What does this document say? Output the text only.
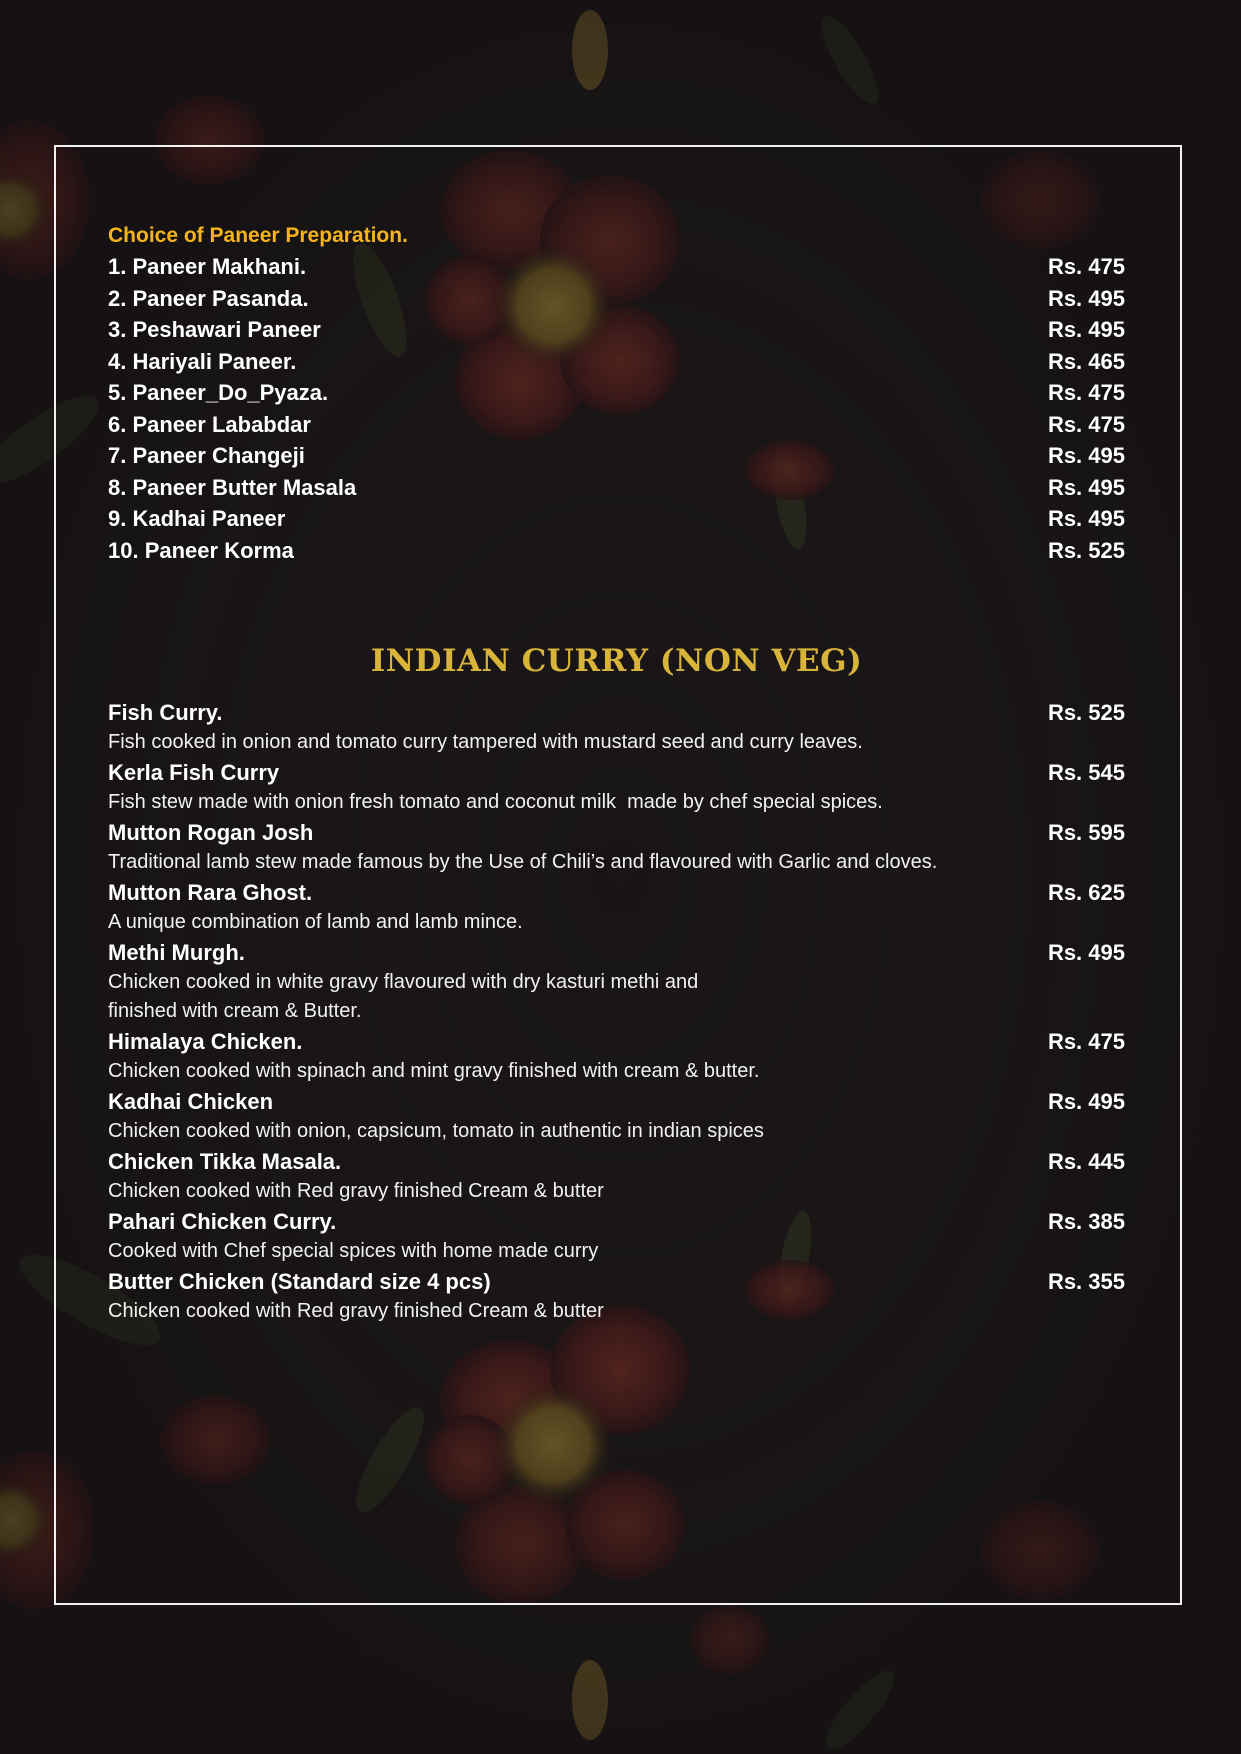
Choice of Paneer Preparation.
1. Paneer Makhani.	Rs. 475
2. Paneer Pasanda.	Rs. 495
3. Peshawari Paneer	Rs. 495
4. Hariyali Paneer.	Rs. 465
5. Paneer_Do_Pyaza.	Rs. 475
6. Paneer Lababdar	Rs. 475
7. Paneer Changeji	Rs. 495
8. Paneer Butter Masala	Rs. 495
9. Kadhai Paneer	Rs. 495
10. Paneer Korma	Rs. 525
INDIAN CURRY (NON VEG)
Fish Curry.	Rs. 525
Fish cooked in onion and tomato curry tampered with mustard seed and curry leaves.
Kerla Fish Curry	Rs. 545
Fish stew made with onion fresh tomato and coconut milk  made by chef special spices.
Mutton Rogan Josh	Rs. 595
Traditional lamb stew made famous by the Use of Chili’s and flavoured with Garlic and cloves.
Mutton Rara Ghost.	Rs. 625
A unique combination of lamb and lamb mince.
Methi Murgh.	Rs. 495
Chicken cooked in white gravy flavoured with dry kasturi methi and
finished with cream & Butter.
Himalaya Chicken.	Rs. 475
Chicken cooked with spinach and mint gravy finished with cream & butter.
Kadhai Chicken	Rs. 495
Chicken cooked with onion, capsicum, tomato in authentic in indian spices
Chicken Tikka Masala.	Rs. 445
Chicken cooked with Red gravy finished Cream & butter
Pahari Chicken Curry.	Rs. 385
Cooked with Chef special spices with home made curry
Butter Chicken (Standard size 4 pcs)	Rs. 355
Chicken cooked with Red gravy finished Cream & butter
